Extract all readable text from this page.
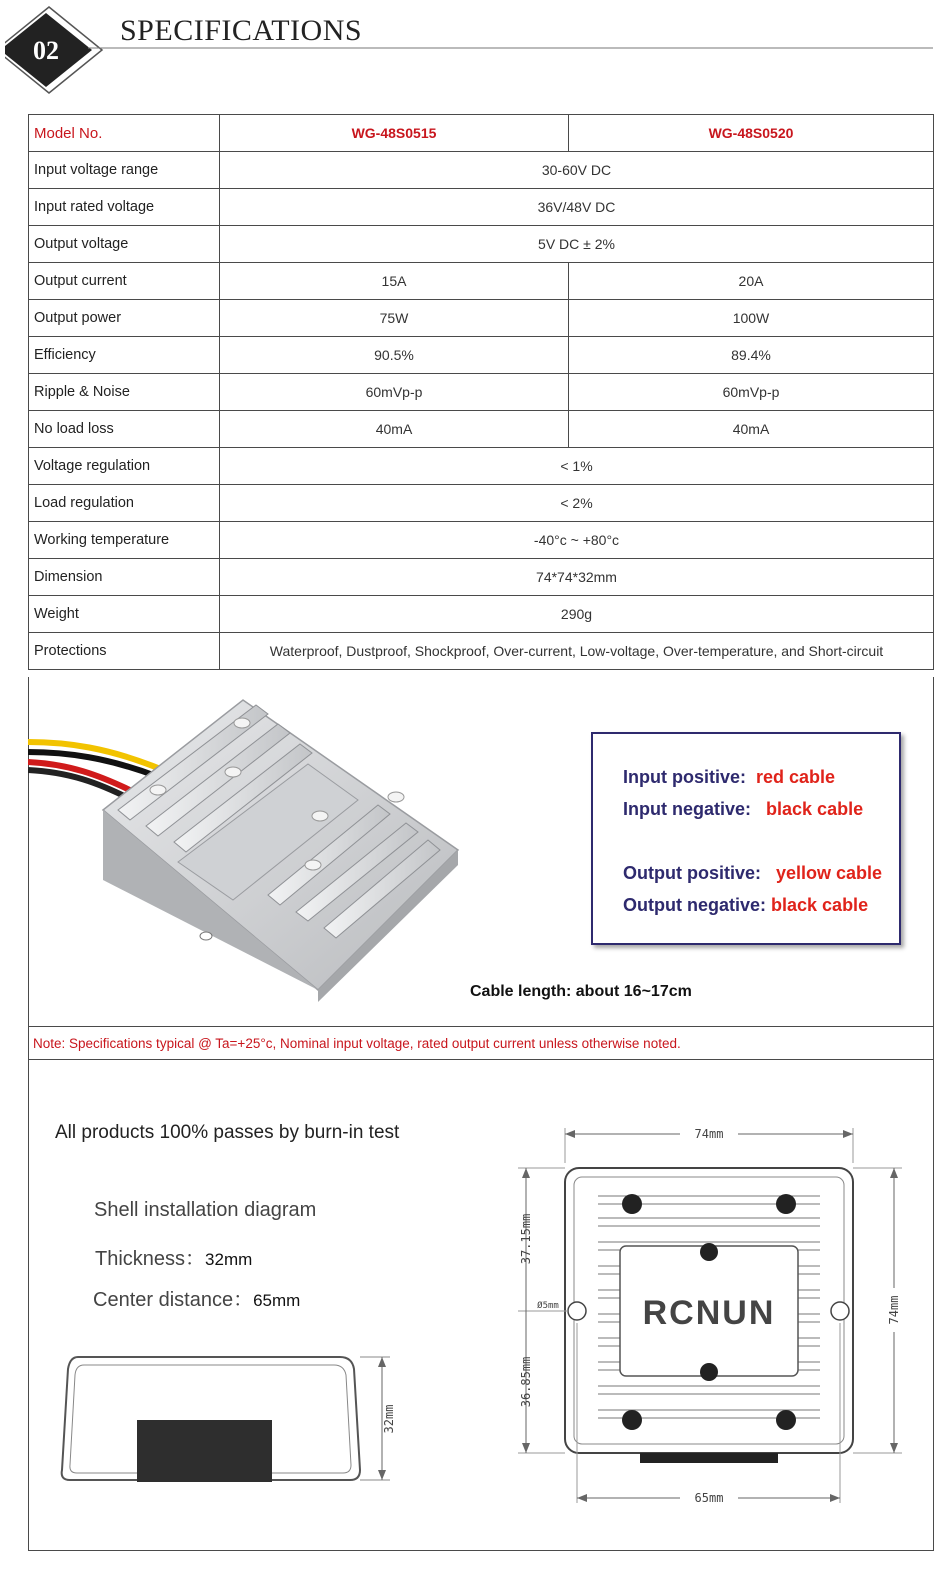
02
SPECIFICATIONS
Model No.	WG-48S0515	WG-48S0520
Input voltage range	30-60V DC	
Input rated voltage	36V/48V DC	
Output voltage	5V DC ± 2%	
Output current	15A	20A
Output power	75W	100W
Efficiency	90.5%	89.4%
Ripple & Noise	60mVp-p	60mVp-p
No load loss	40mA	40mA
Voltage regulation	< 1%	
Load regulation	< 2%	
Working temperature	-40°c ~ +80°c	
Dimension	74*74*32mm	
Weight	290g	
Protections	Waterproof, Dustproof, Shockproof, Over-current, Low-voltage, Over-temperature, and Short-circuit	
Input positive: red cable
Input negative: black cable
Output positive: yellow cable
Output negative: black cable
Cable length: about 16~17cm
Note: Specifications typical @ Ta=+25°c, Nominal input voltage, rated output current unless otherwise noted.
All products 100% passes by burn-in test
Shell installation diagram
Thickness：32mm
Center distance：65mm
32mm
74mm
RCNUN
37.15mm
36.85mm
Ø5mm	74mm
65mm
